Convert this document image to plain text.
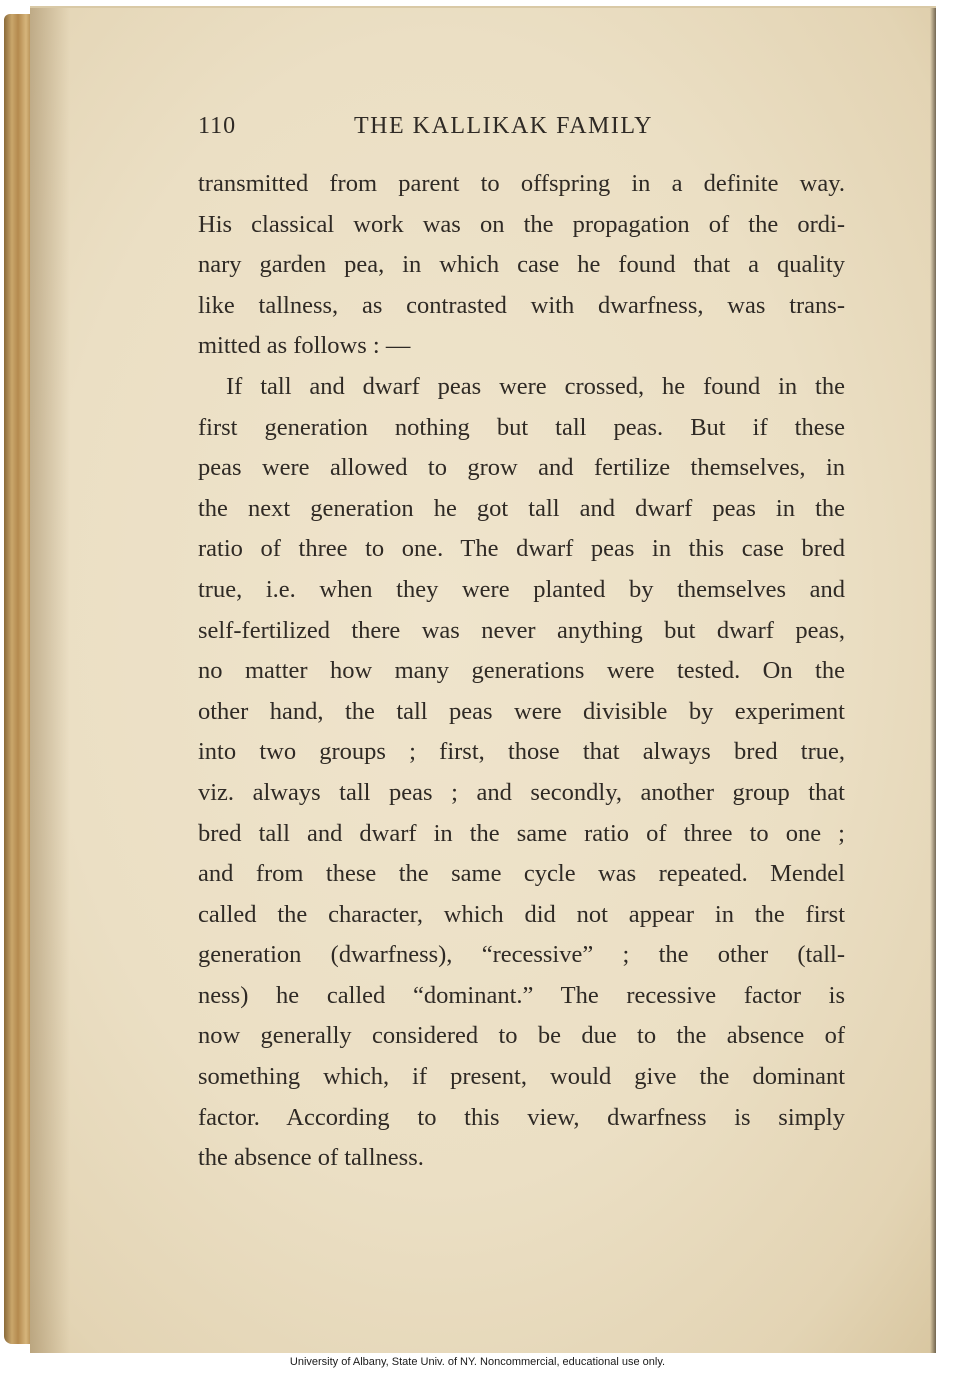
110	THE KALLIKAK FAMILY
transmitted from parent to offspring in a definite way.
His classical work was on the propagation of the ordi-
nary garden pea, in which case he found that a quality
like tallness, as contrasted with dwarfness, was trans-
mitted as follows : —
If tall and dwarf peas were crossed, he found in the
first generation nothing but tall peas. But if these
peas were allowed to grow and fertilize themselves, in
the next generation he got tall and dwarf peas in the
ratio of three to one. The dwarf peas in this case bred
true, i.e. when they were planted by themselves and
self-fertilized there was never anything but dwarf peas,
no matter how many generations were tested. On the
other hand, the tall peas were divisible by experiment
into two groups ; first, those that always bred true,
viz. always tall peas ; and secondly, another group that
bred tall and dwarf in the same ratio of three to one ;
and from these the same cycle was repeated. Mendel
called the character, which did not appear in the first
generation (dwarfness), “recessive” ; the other (tall-
ness) he called “dominant.” The recessive factor is
now generally considered to be due to the absence of
something which, if present, would give the dominant
factor. According to this view, dwarfness is simply
the absence of tallness.
University of Albany, State Univ. of NY. Noncommercial, educational use only.
